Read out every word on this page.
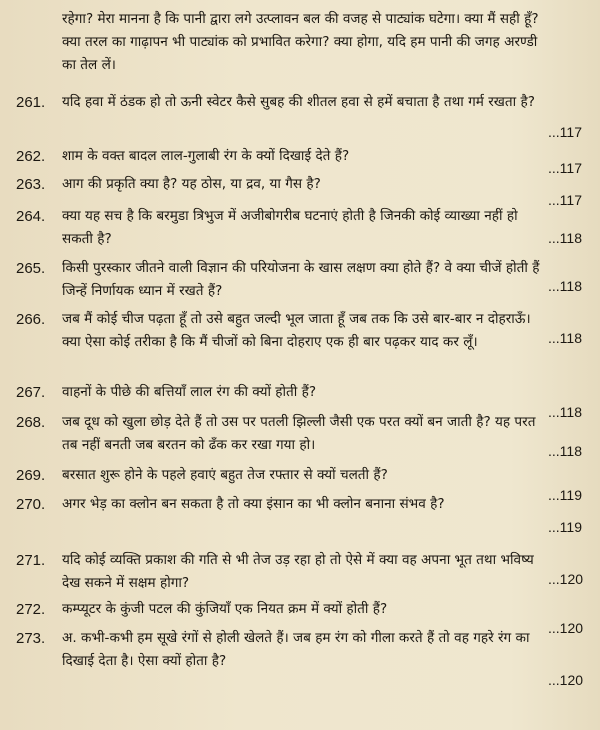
रहेगा? मेरा मानना है कि पानी द्वारा लगे उत्प्लावन बल की वजह से पाट्यांक घटेगा। क्या मैं सही हूँ? क्या तरल का गाढ़ापन भी पाट्यांक को प्रभावित करेगा? क्या होगा, यदि हम पानी की जगह अरण्डी का तेल लें।
261. यदि हवा में ठंडक हो तो ऊनी स्वेटर कैसे सुबह की शीतल हवा से हमें बचाता है तथा गर्म रखता है?
...117
262. शाम के वक्त बादल लाल-गुलाबी रंग के क्यों दिखाई देते हैं?
...117
263. आग की प्रकृति क्या है? यह ठोस, या द्रव, या गैस है?
...117
264. क्या यह सच है कि बरमुडा त्रिभुज में अजीबोगरीब घटनाएं होती है जिनकी कोई व्याख्या नहीं हो सकती है?	...118
265. किसी पुरस्कार जीतने वाली विज्ञान की परियोजना के खास लक्षण क्या होते हैं? वे क्या चीजें होती हैं जिन्हें निर्णायक ध्यान में रखते हैं?	...118
266. जब मैं कोई चीज पढ़ता हूँ तो उसे बहुत जल्दी भूल जाता हूँ जब तक कि उसे बार-बार न दोहराऊँ। क्या ऐसा कोई तरीका है कि मैं चीजों को बिना दोहराए एक ही बार पढ़कर याद कर लूँ।	...118
267. वाहनों के पीछे की बत्तियाँ लाल रंग की क्यों होती हैं?
...118
268. जब दूध को खुला छोड़ देते हैं तो उस पर पतली झिल्ली जैसी एक परत क्यों बन जाती है? यह परत तब नहीं बनती जब बरतन को ढँक कर रखा गया हो।	...118
269. बरसात शुरू होने के पहले हवाएं बहुत तेज रफ्तार से क्यों चलती हैं?
...119
270. अगर भेड़ का क्लोन बन सकता है तो क्या इंसान का भी क्लोन बनाना संभव है?
...119
271. यदि कोई व्यक्ति प्रकाश की गति से भी तेज उड़ रहा हो तो ऐसे में क्या वह अपना भूत तथा भविष्य देख सकने में सक्षम होगा?	...120
272. कम्प्यूटर के कुंजी पटल की कुंजियाँ एक नियत क्रम में क्यों होती हैं?
...120
273. अ. कभी-कभी हम सूखे रंगों से होली खेलते हैं। जब हम रंग को गीला करते हैं तो वह गहरे रंग का दिखाई देता है। ऐसा क्यों होता है?
...120
